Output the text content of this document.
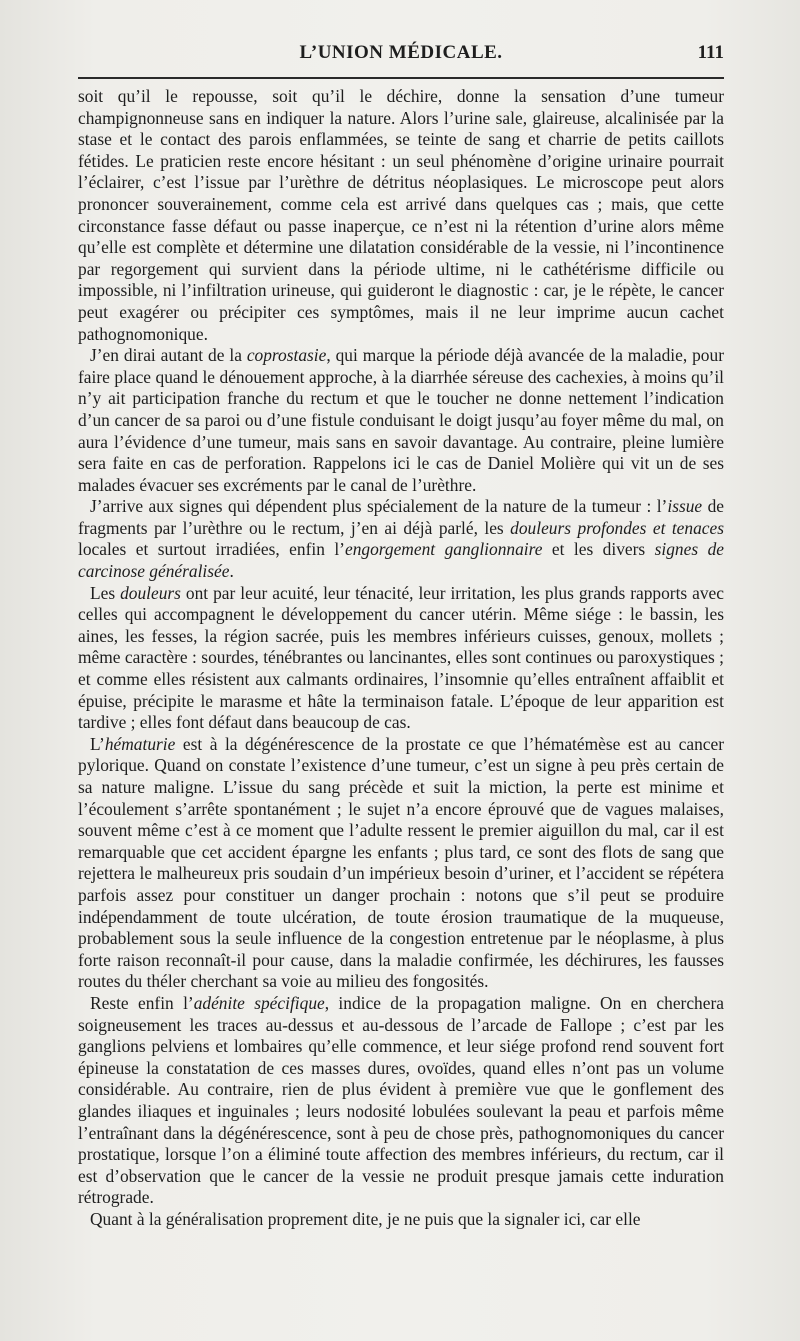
L’UNION MÉDICALE.	111

soit qu’il le repousse, soit qu’il le déchire, donne la sensation d’une tumeur champignonneuse sans en indiquer la nature. Alors l’urine sale, glaireuse, alcalinisée par la stase et le contact des parois enflammées, se teinte de sang et charrie de petits caillots fétides. Le praticien reste encore hésitant : un seul phénomène d’origine urinaire pourrait l’éclairer, c’est l’issue par l’urèthre de détritus néoplasiques. Le microscope peut alors prononcer souverainement, comme cela est arrivé dans quelques cas ; mais, que cette circonstance fasse défaut ou passe inaperçue, ce n’est ni la rétention d’urine alors même qu’elle est complète et détermine une dilatation considérable de la vessie, ni l’incontinence par regorgement qui survient dans la période ultime, ni le cathétérisme difficile ou impossible, ni l’infiltration urineuse, qui guideront le diagnostic : car, je le répète, le cancer peut exagérer ou précipiter ces symptômes, mais il ne leur imprime aucun cachet pathognomonique.

J’en dirai autant de la coprostasie, qui marque la période déjà avancée de la maladie, pour faire place quand le dénouement approche, à la diarrhée séreuse des cachexies, à moins qu’il n’y ait participation franche du rectum et que le toucher ne donne nettement l’indication d’un cancer de sa paroi ou d’une fistule conduisant le doigt jusqu’au foyer même du mal, on aura l’évidence d’une tumeur, mais sans en savoir davantage. Au contraire, pleine lumière sera faite en cas de perforation. Rappelons ici le cas de Daniel Molière qui vit un de ses malades évacuer ses excréments par le canal de l’urèthre.

J’arrive aux signes qui dépendent plus spécialement de la nature de la tumeur : l’issue de fragments par l’urèthre ou le rectum, j’en ai déjà parlé, les douleurs profondes et tenaces locales et surtout irradiées, enfin l’engorgement ganglionnaire et les divers signes de carcinose généralisée.

Les douleurs ont par leur acuité, leur ténacité, leur irritation, les plus grands rapports avec celles qui accompagnent le développement du cancer utérin. Même siége : le bassin, les aines, les fesses, la région sacrée, puis les membres inférieurs cuisses, genoux, mollets ; même caractère : sourdes, ténébrantes ou lancinantes, elles sont continues ou paroxystiques ; et comme elles résistent aux calmants ordinaires, l’insomnie qu’elles entraînent affaiblit et épuise, précipite le marasme et hâte la terminaison fatale. L’époque de leur apparition est tardive ; elles font défaut dans beaucoup de cas.

L’hématurie est à la dégénérescence de la prostate ce que l’hématémèse est au cancer pylorique. Quand on constate l’existence d’une tumeur, c’est un signe à peu près certain de sa nature maligne. L’issue du sang précède et suit la miction, la perte est minime et l’écoulement s’arrête spontanément ; le sujet n’a encore éprouvé que de vagues malaises, souvent même c’est à ce moment que l’adulte ressent le premier aiguillon du mal, car il est remarquable que cet accident épargne les enfants ; plus tard, ce sont des flots de sang que rejettera le malheureux pris soudain d’un impérieux besoin d’uriner, et l’accident se répétera parfois assez pour constituer un danger prochain : notons que s’il peut se produire indépendamment de toute ulcération, de toute érosion traumatique de la muqueuse, probablement sous la seule influence de la congestion entretenue par le néoplasme, à plus forte raison reconnaît-il pour cause, dans la maladie confirmée, les déchirures, les fausses routes du théler cherchant sa voie au milieu des fongosités.

Reste enfin l’adénite spécifique, indice de la propagation maligne. On en cherchera soigneusement les traces au-dessus et au-dessous de l’arcade de Fallope ; c’est par les ganglions pelviens et lombaires qu’elle commence, et leur siége profond rend souvent fort épineuse la constatation de ces masses dures, ovoïdes, quand elles n’ont pas un volume considérable. Au contraire, rien de plus évident à première vue que le gonflement des glandes iliaques et inguinales ; leurs nodosité lobulées soulevant la peau et parfois même l’entraînant dans la dégénérescence, sont à peu de chose près, pathognomoniques du cancer prostatique, lorsque l’on a éliminé toute affection des membres inférieurs, du rectum, car il est d’observation que le cancer de la vessie ne produit presque jamais cette induration rétrograde.

Quant à la généralisation proprement dite, je ne puis que la signaler ici, car elle
